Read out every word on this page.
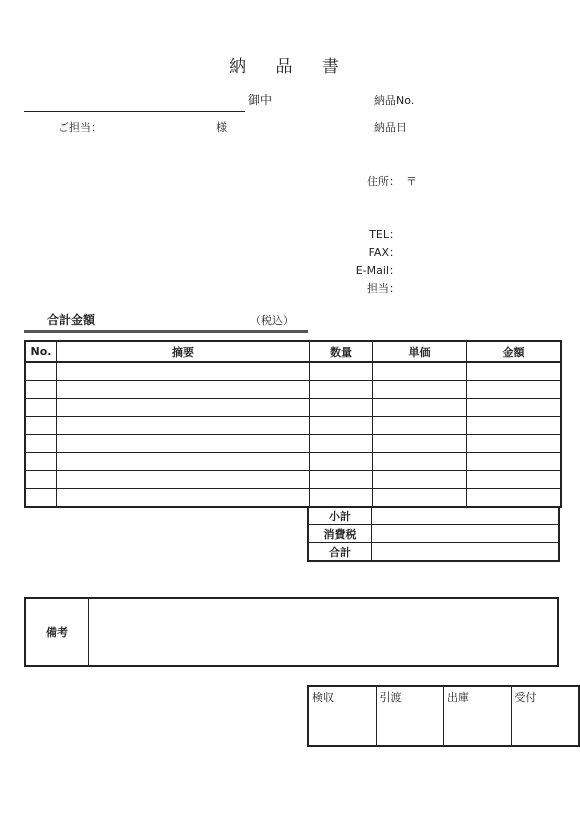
納 品 書
御中
ご担当：	様
納品No.
納品日
住所： 〒
TEL：
FAX：
E-Mail：
担当：
合計金額	（税込）
No.	摘要	数量	単価	金額

小計	
消費税	
合計	
備考
検収	引渡	出庫	受付
